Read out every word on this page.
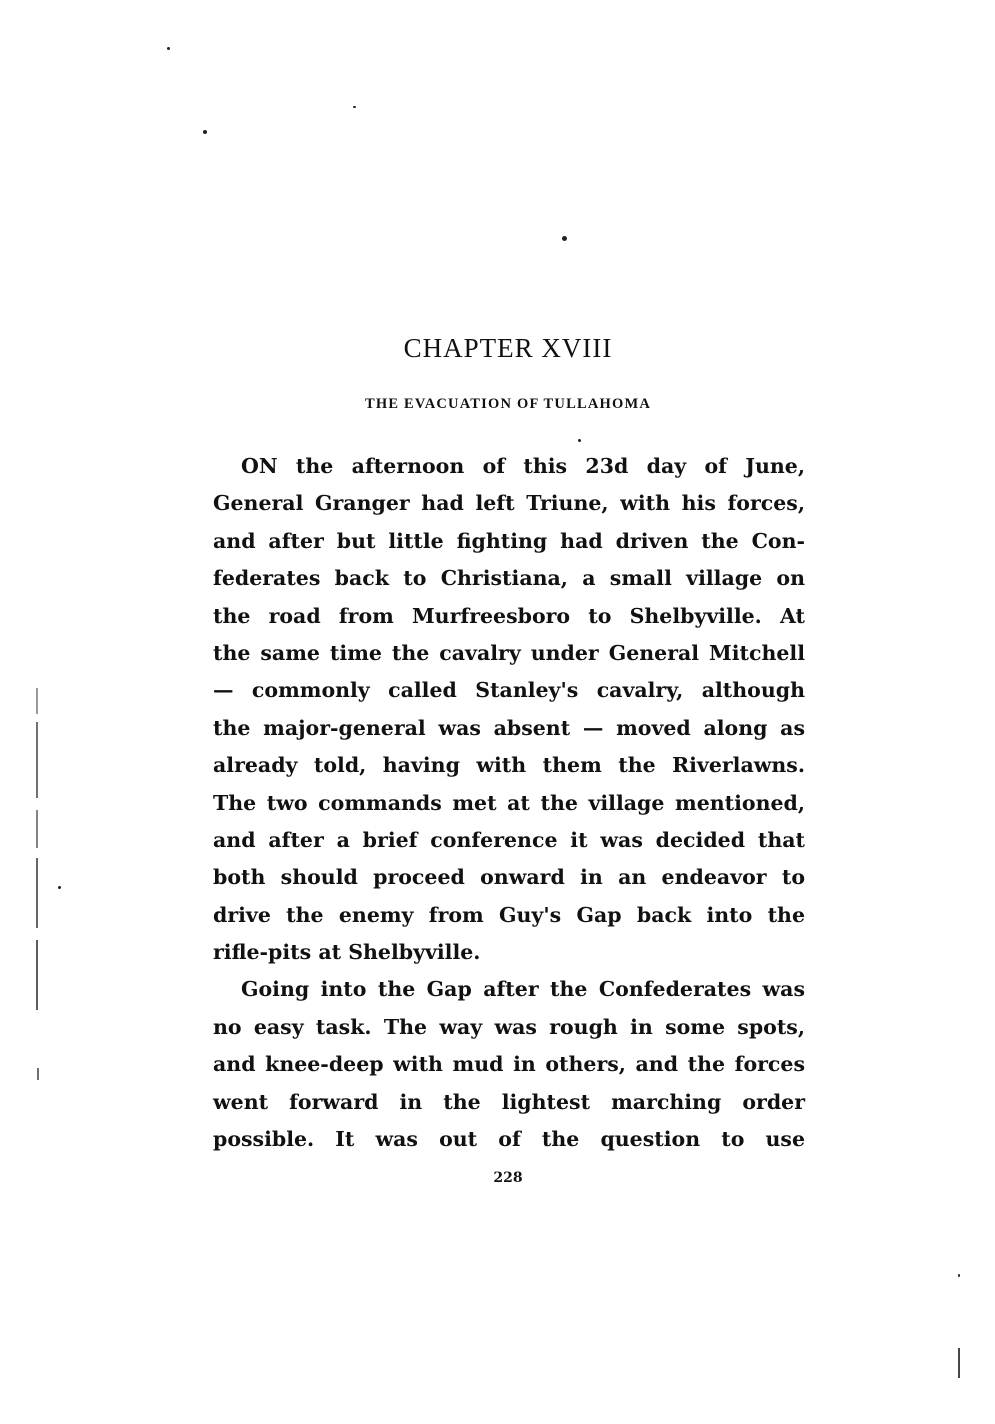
CHAPTER XVIII
THE EVACUATION OF TULLAHOMA
ON the afternoon of this 23d day of June,
General Granger had left Triune, with his forces,
and after but little fighting had driven the Con-
federates back to Christiana, a small village on
the road from Murfreesboro to Shelbyville. At
the same time the cavalry under General Mitchell
— commonly called Stanley's cavalry, although
the major-general was absent — moved along as
already told, having with them the Riverlawns.
The two commands met at the village mentioned,
and after a brief conference it was decided that
both should proceed onward in an endeavor to
drive the enemy from Guy's Gap back into the
rifle-pits at Shelbyville.
Going into the Gap after the Confederates was
no easy task. The way was rough in some spots,
and knee-deep with mud in others, and the forces
went forward in the lightest marching order
possible. It was out of the question to use
228
